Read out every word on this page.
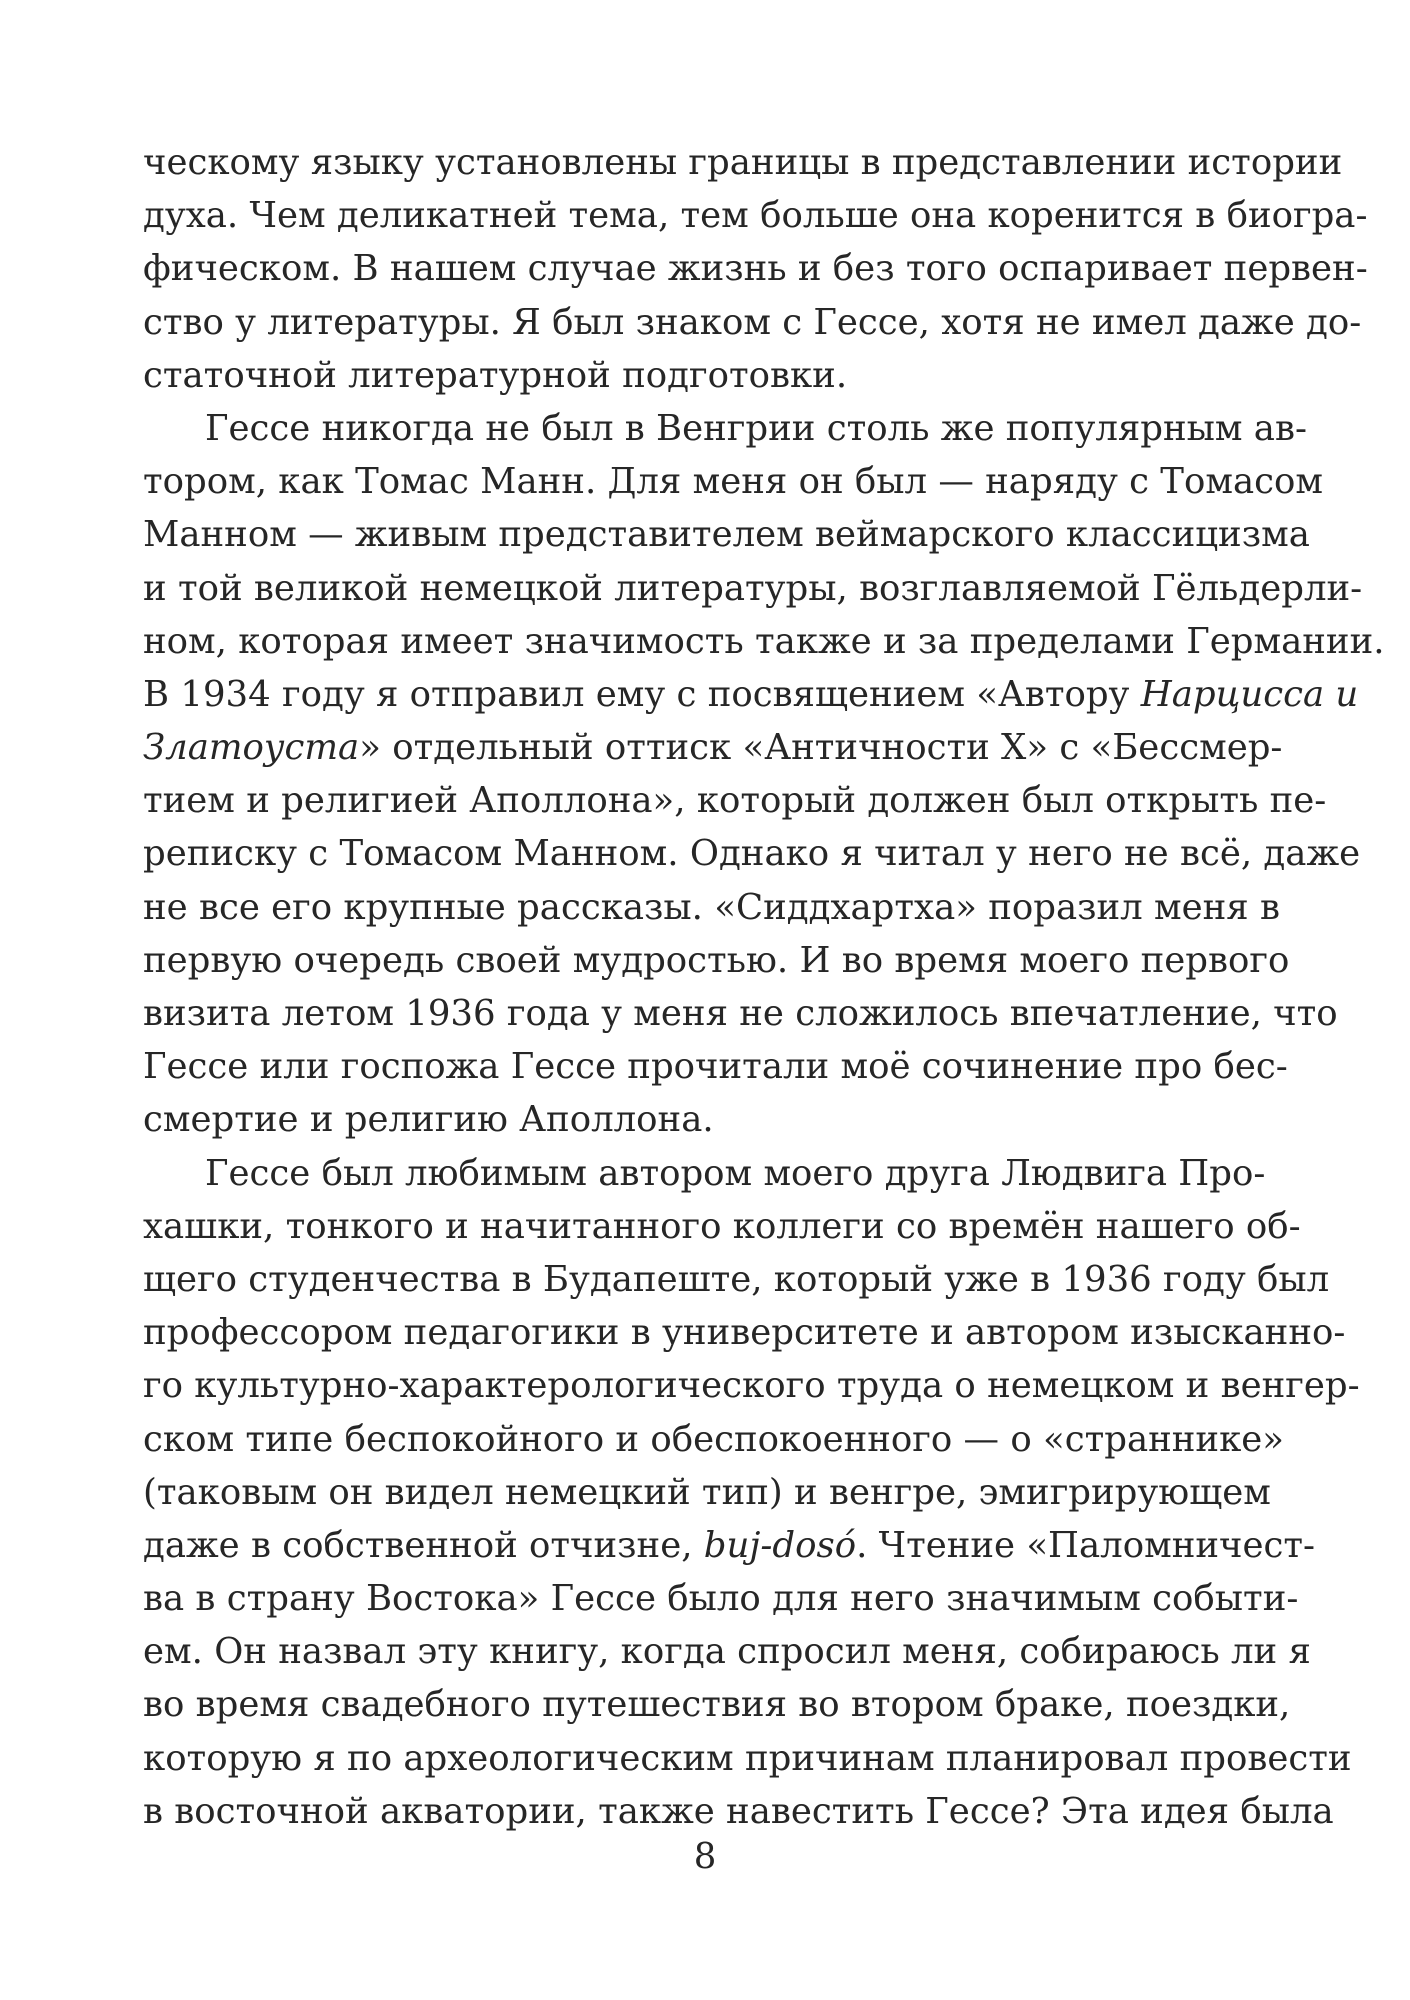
ческому языку установлены границы в представлении истории
духа. Чем деликатней тема, тем больше она коренится в биогра-
фическом. В нашем случае жизнь и без того оспаривает первен-
ство у литературы. Я был знаком с Гессе, хотя не имел даже до-
статочной литературной подготовки.
Гессе никогда не был в Венгрии столь же популярным ав-
тором, как Томас Манн. Для меня он был — наряду с Томасом
Манном — живым представителем веймарского классицизма
и той великой немецкой литературы, возглавляемой Гёльдерли-
ном, которая имеет значимость также и за пределами Германии.
В 1934 году я отправил ему с посвящением «Автору Нарцисса и
Златоуста» отдельный оттиск «Античности X» с «Бессмер-
тием и религией Аполлона», который должен был открыть пе-
реписку с Томасом Манном. Однако я читал у него не всё, даже
не все его крупные рассказы. «Сиддхартха» поразил меня в
первую очередь своей мудростью. И во время моего первого
визита летом 1936 года у меня не сложилось впечатление, что
Гессе или госпожа Гессе прочитали моё сочинение про бес-
смертие и религию Аполлона.
Гессе был любимым автором моего друга Людвига Про-
хашки, тонкого и начитанного коллеги со времён нашего об-
щего студенчества в Будапеште, который уже в 1936 году был
профессором педагогики в университете и автором изысканно-
го культурно-характерологического труда о немецком и венгер-
ском типе беспокойного и обеспокоенного — о «страннике»
(таковым он видел немецкий тип) и венгре, эмигрирующем
даже в собственной отчизне, buj-dosó. Чтение «Паломничест-
ва в страну Востока» Гессе было для него значимым событи-
ем. Он назвал эту книгу, когда спросил меня, собираюсь ли я
во время свадебного путешествия во втором браке, поездки,
которую я по археологическим причинам планировал провести
в восточной акватории, также навестить Гессе? Эта идея была
8
